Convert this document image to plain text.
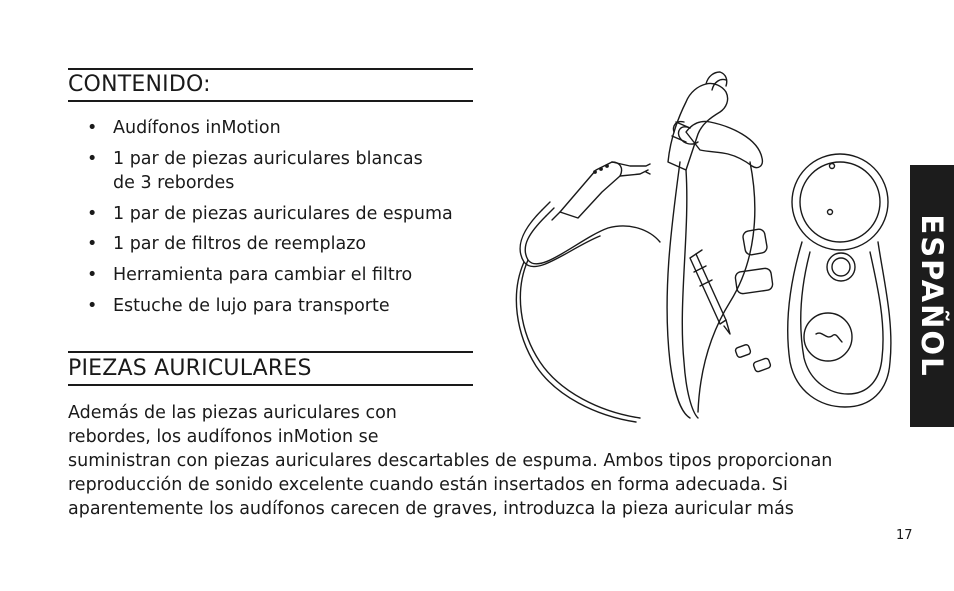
CONTENIDO:
• Audífonos inMotion
• 1 par de piezas auriculares blancas
de 3 rebordes
• 1 par de piezas auriculares de espuma
• 1 par de filtros de reemplazo
• Herramienta para cambiar el filtro
• Estuche de lujo para transporte
PIEZAS AURICULARES
Además de las piezas auriculares con
rebordes, los audífonos inMotion se
suministran con piezas auriculares descartables de espuma. Ambos tipos proporcionan
reproducción de sonido excelente cuando están insertados en forma adecuada. Si
aparentemente los audífonos carecen de graves, introduzca la pieza auricular más
ESPAÑOL
17
